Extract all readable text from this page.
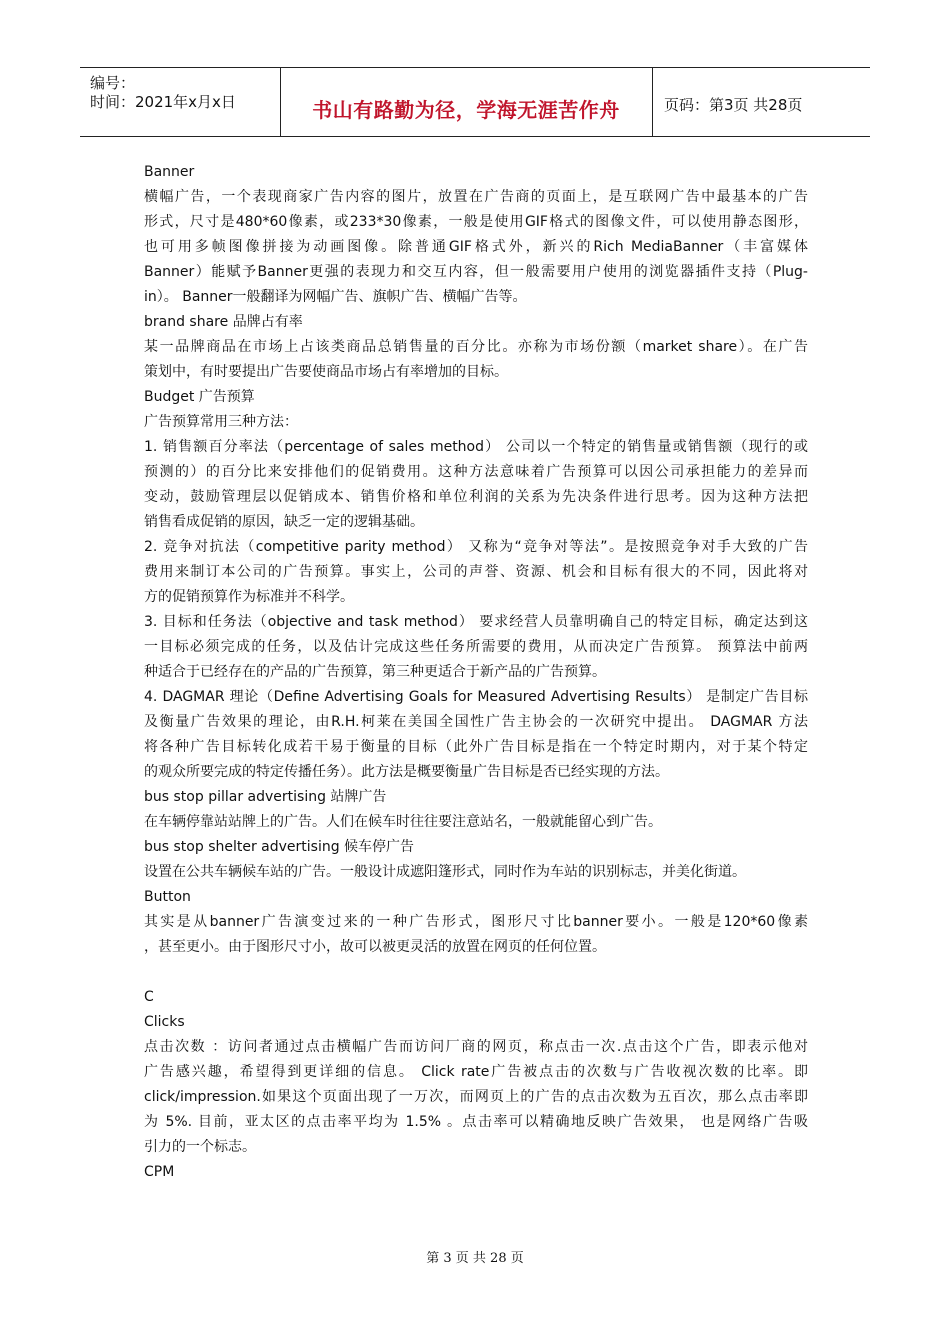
编号：
时间：2021年x月x日	书山有路勤为径，学海无涯苦作舟	页码：第3页 共28页

Banner

横幅广告，一个表现商家广告内容的图片，放置在广告商的页面上，是互联网广告中最基本的广告

形式，尺寸是480*60像素，或233*30像素，一般是使用GIF格式的图像文件，可以使用静态图形，

也可用多帧图像拼接为动画图像。除普通GIF格式外，新兴的Rich MediaBanner（丰富媒体

Banner）能赋予Banner更强的表现力和交互内容，但一般需要用户使用的浏览器插件支持（Plug-

in）。 Banner一般翻译为网幅广告、旗帜广告、横幅广告等。

brand share 品牌占有率

某一品牌商品在市场上占该类商品总销售量的百分比。亦称为市场份额（market share）。在广告

策划中，有时要提出广告要使商品市场占有率增加的目标。

Budget 广告预算

广告预算常用三种方法：

1. 销售额百分率法（percentage of sales method） 公司以一个特定的销售量或销售额（现行的或

预测的）的百分比来安排他们的促销费用。这种方法意味着广告预算可以因公司承担能力的差异而

变动，鼓励管理层以促销成本、销售价格和单位利润的关系为先决条件进行思考。因为这种方法把

销售看成促销的原因，缺乏一定的逻辑基础。

2. 竞争对抗法（competitive parity method） 又称为“竞争对等法”。是按照竞争对手大致的广告

费用来制订本公司的广告预算。事实上，公司的声誉、资源、机会和目标有很大的不同，因此将对

方的促销预算作为标准并不科学。

3. 目标和任务法（objective and task method） 要求经营人员靠明确自己的特定目标，确定达到这

一目标必须完成的任务，以及估计完成这些任务所需要的费用，从而决定广告预算。 预算法中前两

种适合于已经存在的产品的广告预算，第三种更适合于新产品的广告预算。

4. DAGMAR 理论（Define Advertising Goals for Measured Advertising Results） 是制定广告目标

及衡量广告效果的理论，由R.H.柯莱在美国全国性广告主协会的一次研究中提出。 DAGMAR 方法

将各种广告目标转化成若干易于衡量的目标（此外广告目标是指在一个特定时期内，对于某个特定

的观众所要完成的特定传播任务）。此方法是概要衡量广告目标是否已经实现的方法。

bus stop pillar advertising 站牌广告

在车辆停靠站站牌上的广告。人们在候车时往往要注意站名，一般就能留心到广告。

bus stop shelter advertising 候车停广告

设置在公共车辆候车站的广告。一般设计成遮阳篷形式，同时作为车站的识别标志，并美化街道。

Button

其实是从banner广告演变过来的一种广告形式，图形尺寸比banner要小。一般是120*60像素

，甚至更小。由于图形尺寸小，故可以被更灵活的放置在网页的任何位置。

C

Clicks

点击次数 ：访问者通过点击横幅广告而访问厂商的网页，称点击一次.点击这个广告，即表示他对

广告感兴趣，希望得到更详细的信息。 Click rate广告被点击的次数与广告收视次数的比率。即

click/impression.如果这个页面出现了一万次，而网页上的广告的点击次数为五百次，那么点击率即

为 5%. 目前，亚太区的点击率平均为 1.5% 。点击率可以精确地反映广告效果， 也是网络广告吸

引力的一个标志。

CPM

第 3 页 共 28 页
